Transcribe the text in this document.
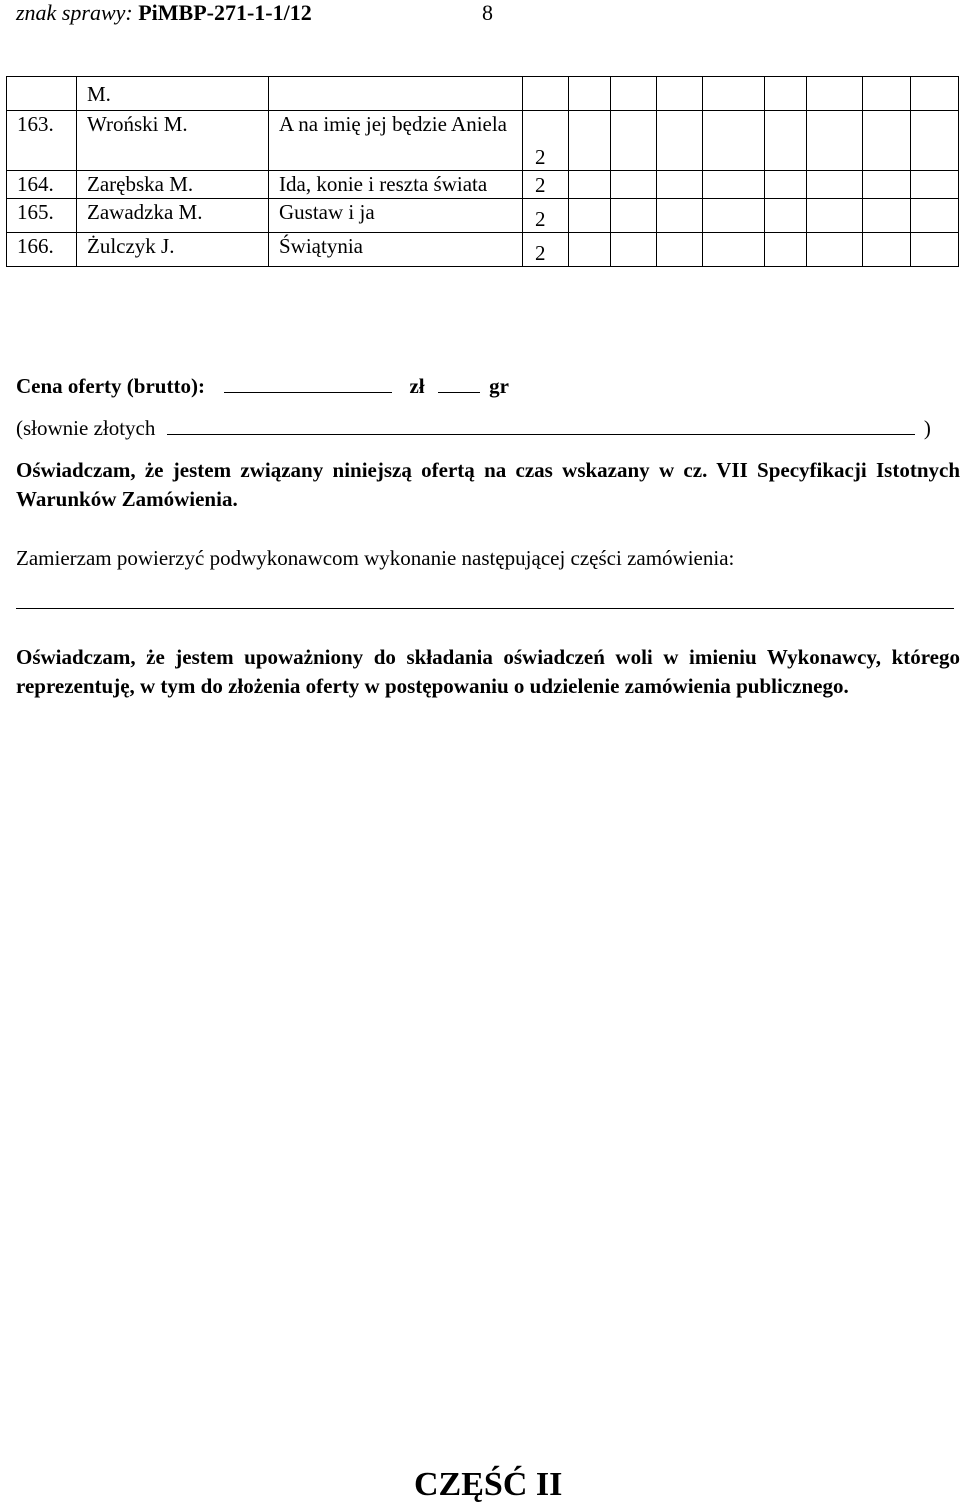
znak sprawy: PiMBP-271-1-1/12	8
	M.										
163.	Wroński M.	A na imię jej będzie Aniela	2								
164.	Zarębska M.	Ida, konie i reszta świata	2								
165.	Zawadzka M.	Gustaw i ja	2								
166.	Żulczyk J.	Świątynia	2								
Cena oferty (brutto):	zł	gr
(słownie złotych	)
Oświadczam, że jestem związany niniejszą ofertą na czas wskazany w cz. VII Specyfikacji Istotnych Warunków Zamówienia.
Zamierzam powierzyć podwykonawcom wykonanie następującej części zamówienia:
Oświadczam, że jestem upoważniony do składania oświadczeń woli w imieniu Wykonawcy, którego reprezentuję, w tym do złożenia oferty w postępowaniu o udzielenie zamówienia publicznego.
CZĘŚĆ II
